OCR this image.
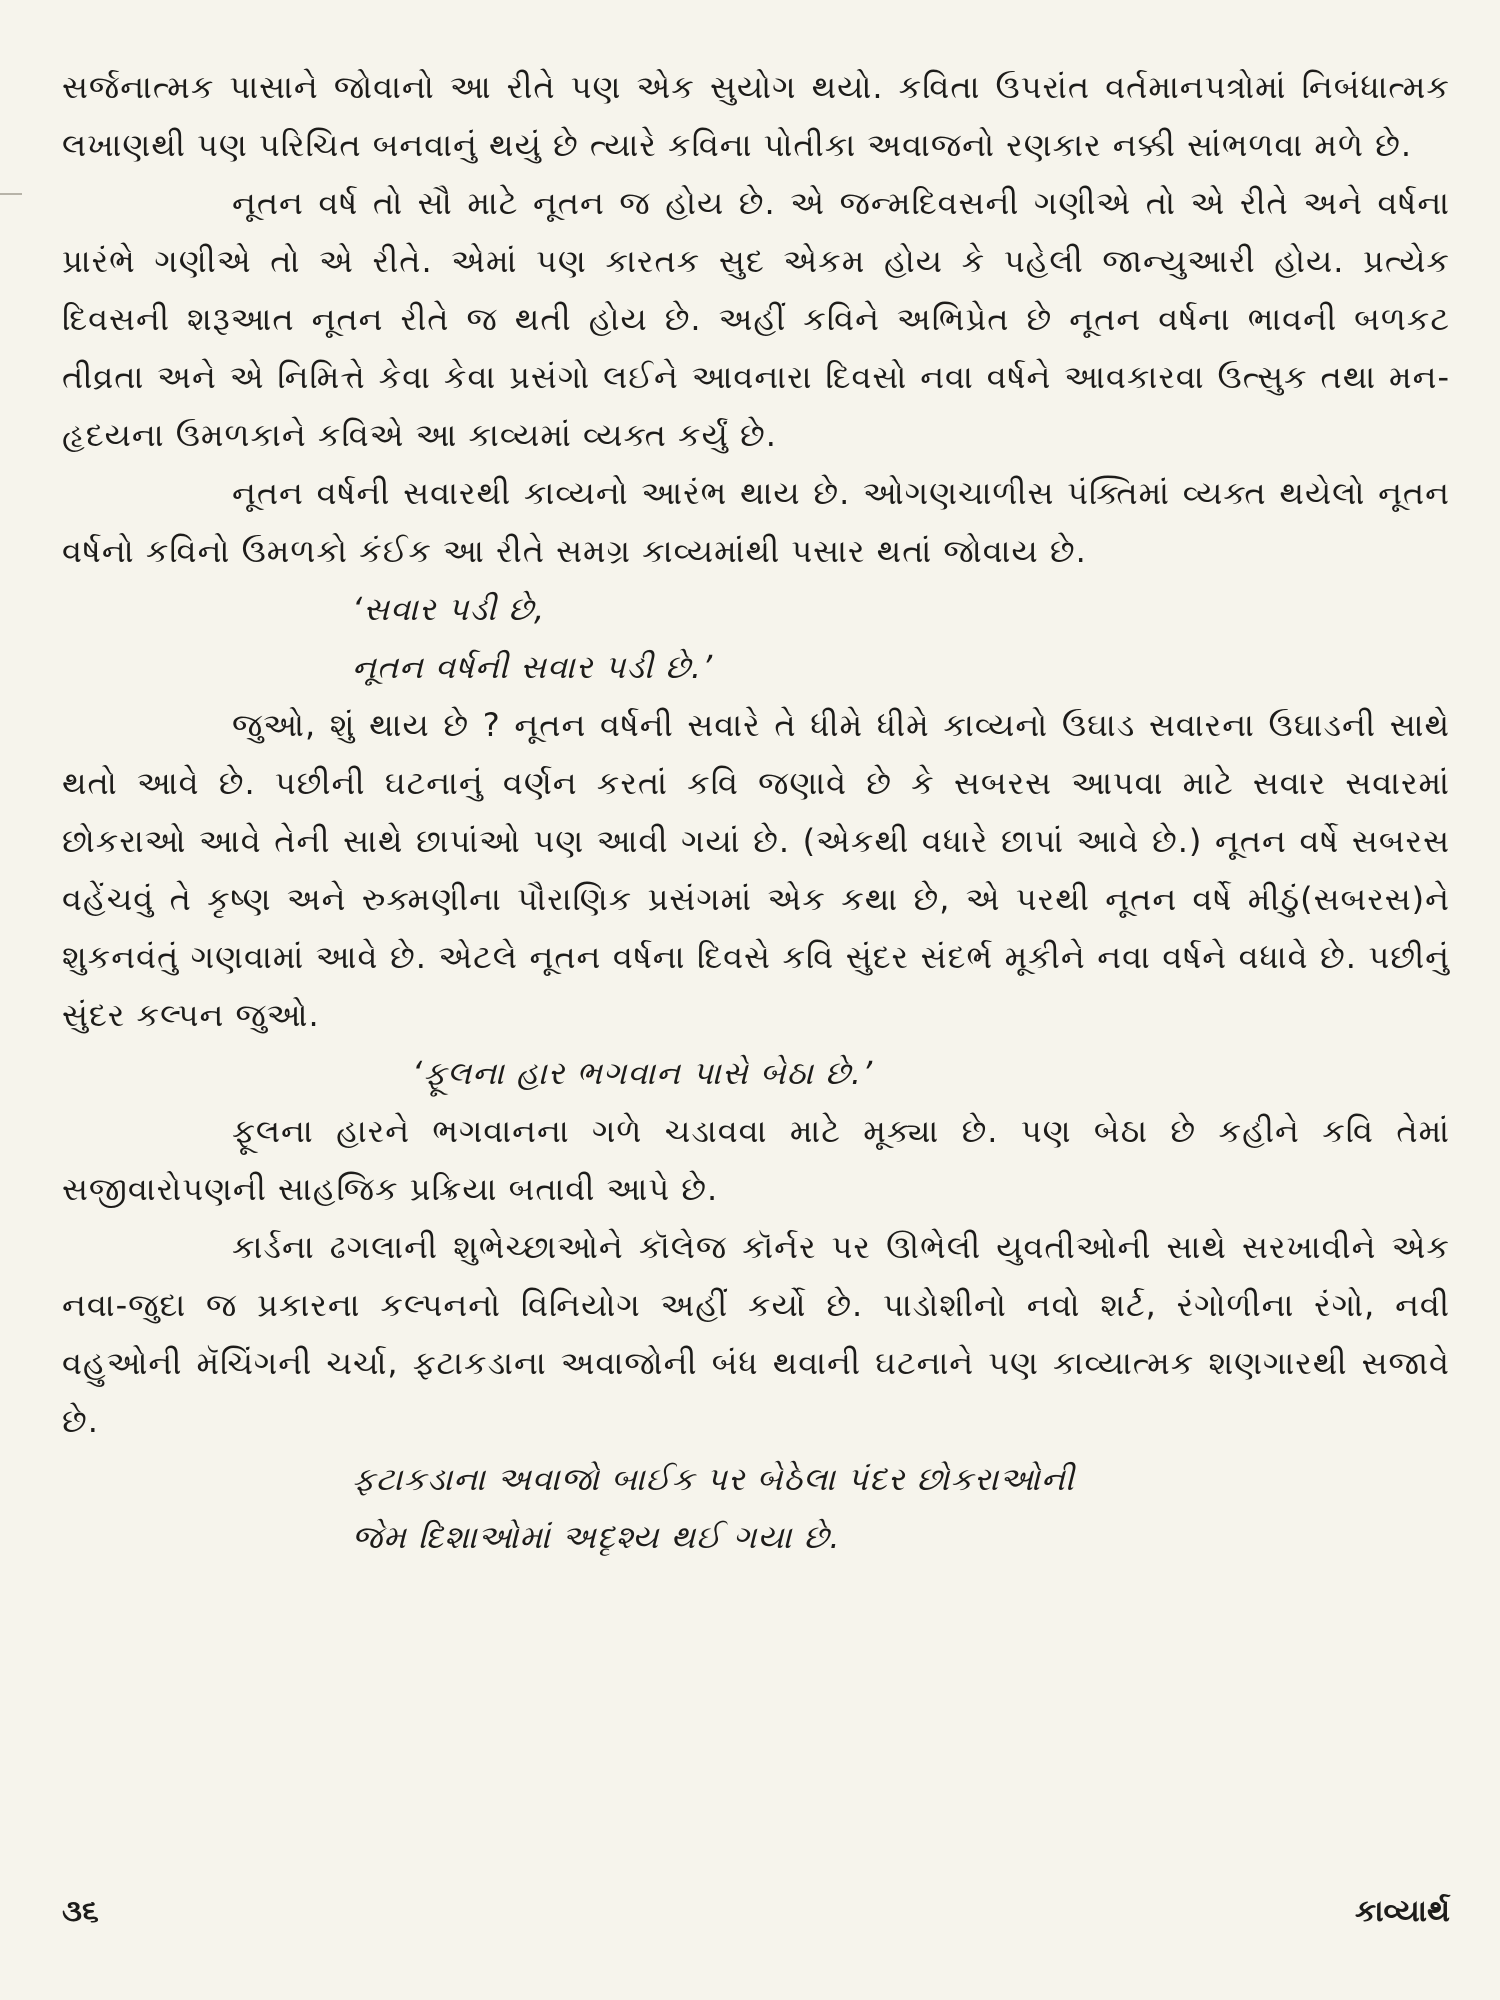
સર્જનાત્મક પાસાને જોવાનો આ રીતે પણ એક સુયોગ થયો. કવિતા ઉપરાંત વર્તમાનપત્રોમાં નિબંધાત્મક લખાણથી પણ પરિચિત બનવાનું થયું છે ત્યારે કવિના પોતીકા અવાજનો રણકાર નક્કી સાંભળવા મળે છે.

નૂતન વર્ષ તો સૌ માટે નૂતન જ હોય છે. એ જન્મદિવસની ગણીએ તો એ રીતે અને વર્ષના પ્રારંભે ગણીએ તો એ રીતે. એમાં પણ કારતક સુદ એકમ હોય કે પહેલી જાન્યુઆરી હોય. પ્રત્યેક દિવસની શરૂઆત નૂતન રીતે જ થતી હોય છે. અહીં કવિને અભિપ્રેત છે નૂતન વર્ષના ભાવની બળકટ તીવ્રતા અને એ નિમિત્તે કેવા કેવા પ્રસંગો લઈને આવનારા દિવસો નવા વર્ષને આવકારવા ઉત્સુક તથા મન-હૃદયના ઉમળકાને કવિએ આ કાવ્યમાં વ્યક્ત કર્યું છે.

નૂતન વર્ષની સવારથી કાવ્યનો આરંભ થાય છે. ઓગણચાળીસ પંક્તિમાં વ્યક્ત થયેલો નૂતન વર્ષનો કવિનો ઉમળકો કંઈક આ રીતે સમગ્ર કાવ્યમાંથી પસાર થતાં જોવાય છે.

‘સવાર પડી છે,
નૂતન વર્ષની સવાર પડી છે.’

જુઓ, શું થાય છે ? નૂતન વર્ષની સવારે તે ધીમે ધીમે કાવ્યનો ઉઘાડ સવારના ઉઘાડની સાથે થતો આવે છે. પછીની ઘટનાનું વર્ણન કરતાં કવિ જણાવે છે કે સબરસ આપવા માટે સવાર સવારમાં છોકરાઓ આવે તેની સાથે છાપાંઓ પણ આવી ગયાં છે. (એકથી વધારે છાપાં આવે છે.) નૂતન વર્ષે સબરસ વહેંચવું તે કૃષ્ણ અને રુક્મણીના પૌરાણિક પ્રસંગમાં એક કથા છે, એ પરથી નૂતન વર્ષે મીઠું(સબરસ)ને શુકનવંતું ગણવામાં આવે છે. એટલે નૂતન વર્ષના દિવસે કવિ સુંદર સંદર્ભ મૂકીને નવા વર્ષને વધાવે છે. પછીનું સુંદર કલ્પન જુઓ.

‘ફૂલના હાર ભગવાન પાસે બેઠા છે.’

ફૂલના હારને ભગવાનના ગળે ચડાવવા માટે મૂક્યા છે. પણ બેઠા છે કહીને કવિ તેમાં સજીવારોપણની સાહજિક પ્રક્રિયા બતાવી આપે છે.

કાર્ડના ઢગલાની શુભેચ્છાઓને કૉલેજ કૉર્નર પર ઊભેલી યુવતીઓની સાથે સરખાવીને એક નવા-જુદા જ પ્રકારના કલ્પનનો વિનિયોગ અહીં કર્યો છે. પાડોશીનો નવો શર્ટ, રંગોળીના રંગો, નવી વહુઓની મૅચિંગની ચર્ચા, ફટાકડાના અવાજોની બંધ થવાની ઘટનાને પણ કાવ્યાત્મક શણગારથી સજાવે છે.

ફટાકડાના અવાજો બાઈક પર બેઠેલા પંદર છોકરાઓની
જેમ દિશાઓમાં અદૃશ્ય થઈ ગયા છે.
૩૬	કાવ્યાર્થ
